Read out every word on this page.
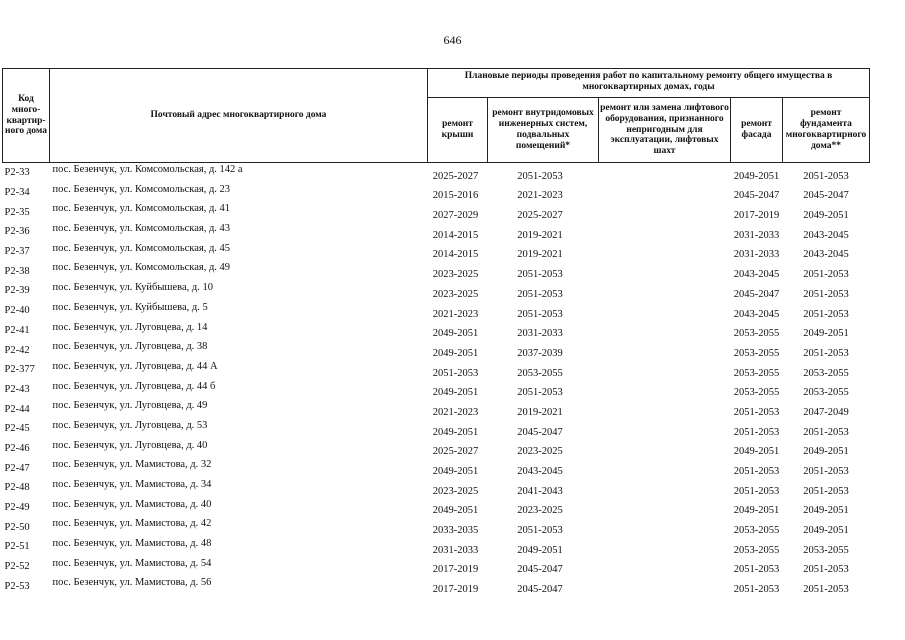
646
Код много-квартир-ного дома	Почтовый адрес многоквартирного дома	Плановые периоды проведения работ по капитальному ремонту общего имущества в многоквартирных домах, годы				
		ремонт крыши	ремонт внутридомовых инженерных систем, подвальных помещений*	ремонт или замена лифтового оборудования, признанного непригодным для эксплуатации, лифтовых шахт	ремонт фасада	ремонт фундамента многоквартирного дома**
Р2-33	пос. Безенчук, ул. Комсомольская, д. 142 а	2025-2027	2051-2053		2049-2051	2051-2053
Р2-34	пос. Безенчук, ул. Комсомольская, д. 23	2015-2016	2021-2023		2045-2047	2045-2047
Р2-35	пос. Безенчук, ул. Комсомольская, д. 41	2027-2029	2025-2027		2017-2019	2049-2051
Р2-36	пос. Безенчук, ул. Комсомольская, д. 43	2014-2015	2019-2021		2031-2033	2043-2045
Р2-37	пос. Безенчук, ул. Комсомольская, д. 45	2014-2015	2019-2021		2031-2033	2043-2045
Р2-38	пос. Безенчук, ул. Комсомольская, д. 49	2023-2025	2051-2053		2043-2045	2051-2053
Р2-39	пос. Безенчук, ул. Куйбышева, д. 10	2023-2025	2051-2053		2045-2047	2051-2053
Р2-40	пос. Безенчук, ул. Куйбышева, д. 5	2021-2023	2051-2053		2043-2045	2051-2053
Р2-41	пос. Безенчук, ул. Луговцева, д. 14	2049-2051	2031-2033		2053-2055	2049-2051
Р2-42	пос. Безенчук, ул. Луговцева, д. 38	2049-2051	2037-2039		2053-2055	2051-2053
Р2-377	пос. Безенчук, ул. Луговцева, д. 44 А	2051-2053	2053-2055		2053-2055	2053-2055
Р2-43	пос. Безенчук, ул. Луговцева, д. 44 б	2049-2051	2051-2053		2053-2055	2053-2055
Р2-44	пос. Безенчук, ул. Луговцева, д. 49	2021-2023	2019-2021		2051-2053	2047-2049
Р2-45	пос. Безенчук, ул. Луговцева, д. 53	2049-2051	2045-2047		2051-2053	2051-2053
Р2-46	пос. Безенчук, ул. Луговцева, д. 40	2025-2027	2023-2025		2049-2051	2049-2051
Р2-47	пос. Безенчук, ул. Мамистова, д. 32	2049-2051	2043-2045		2051-2053	2051-2053
Р2-48	пос. Безенчук, ул. Мамистова, д. 34	2023-2025	2041-2043		2051-2053	2051-2053
Р2-49	пос. Безенчук, ул. Мамистова, д. 40	2049-2051	2023-2025		2049-2051	2049-2051
Р2-50	пос. Безенчук, ул. Мамистова, д. 42	2033-2035	2051-2053		2053-2055	2049-2051
Р2-51	пос. Безенчук, ул. Мамистова, д. 48	2031-2033	2049-2051		2053-2055	2053-2055
Р2-52	пос. Безенчук, ул. Мамистова, д. 54	2017-2019	2045-2047		2051-2053	2051-2053
Р2-53	пос. Безенчук, ул. Мамистова, д. 56	2017-2019	2045-2047		2051-2053	2051-2053
